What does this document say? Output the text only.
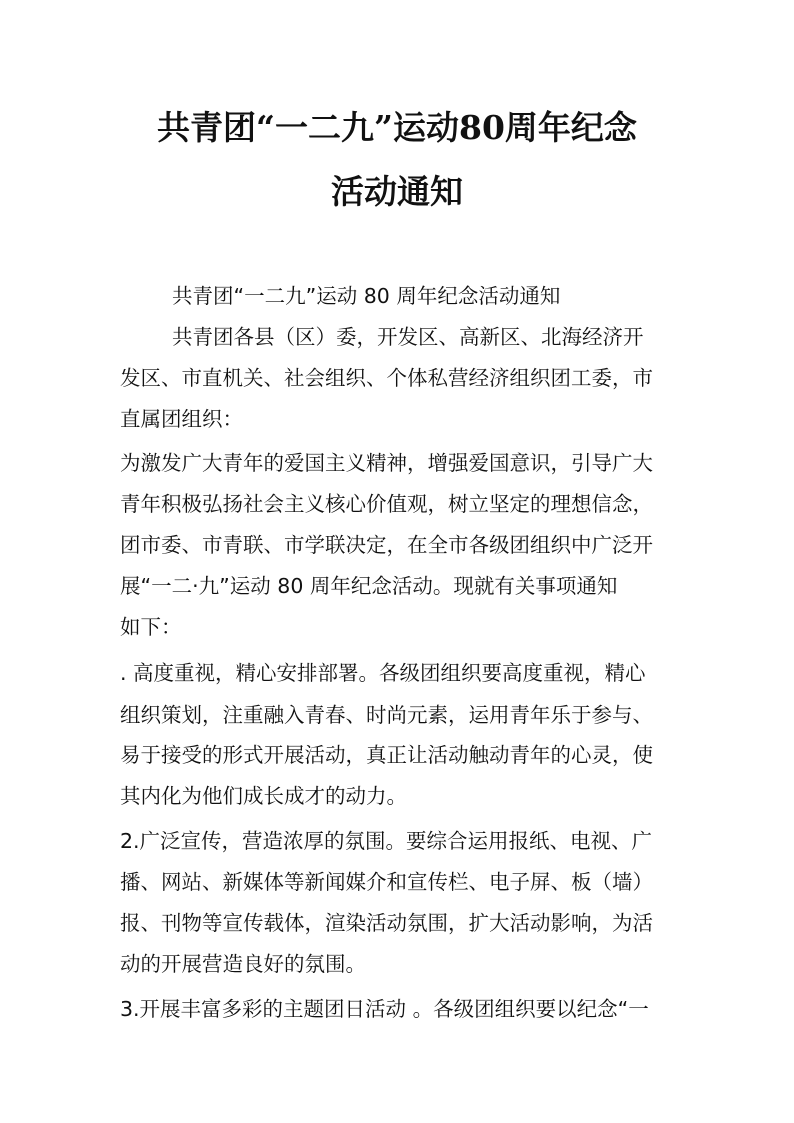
共青团“一二九”运动80周年纪念
活动通知

共青团“一二九”运动 80 周年纪念活动通知

共青团各县（区）委，开发区、高新区、北海经济开

发区、市直机关、社会组织、个体私营经济组织团工委，市

直属团组织：

为激发广大青年的爱国主义精神，增强爱国意识，引导广大

青年积极弘扬社会主义核心价值观，树立坚定的理想信念，

团市委、市青联、市学联决定，在全市各级团组织中广泛开

展“一二·九”运动 80 周年纪念活动。现就有关事项通知

如下：

. 高度重视，精心安排部署。各级团组织要高度重视，精心

组织策划，注重融入青春、时尚元素，运用青年乐于参与、

易于接受的形式开展活动，真正让活动触动青年的心灵，使

其内化为他们成长成才的动力。

2.广泛宣传，营造浓厚的氛围。要综合运用报纸、电视、广

播、网站、新媒体等新闻媒介和宣传栏、电子屏、板（墙）

报、刊物等宣传载体，渲染活动氛围，扩大活动影响，为活

动的开展营造良好的氛围。

3.开展丰富多彩的主题团日活动 。各级团组织要以纪念“一
